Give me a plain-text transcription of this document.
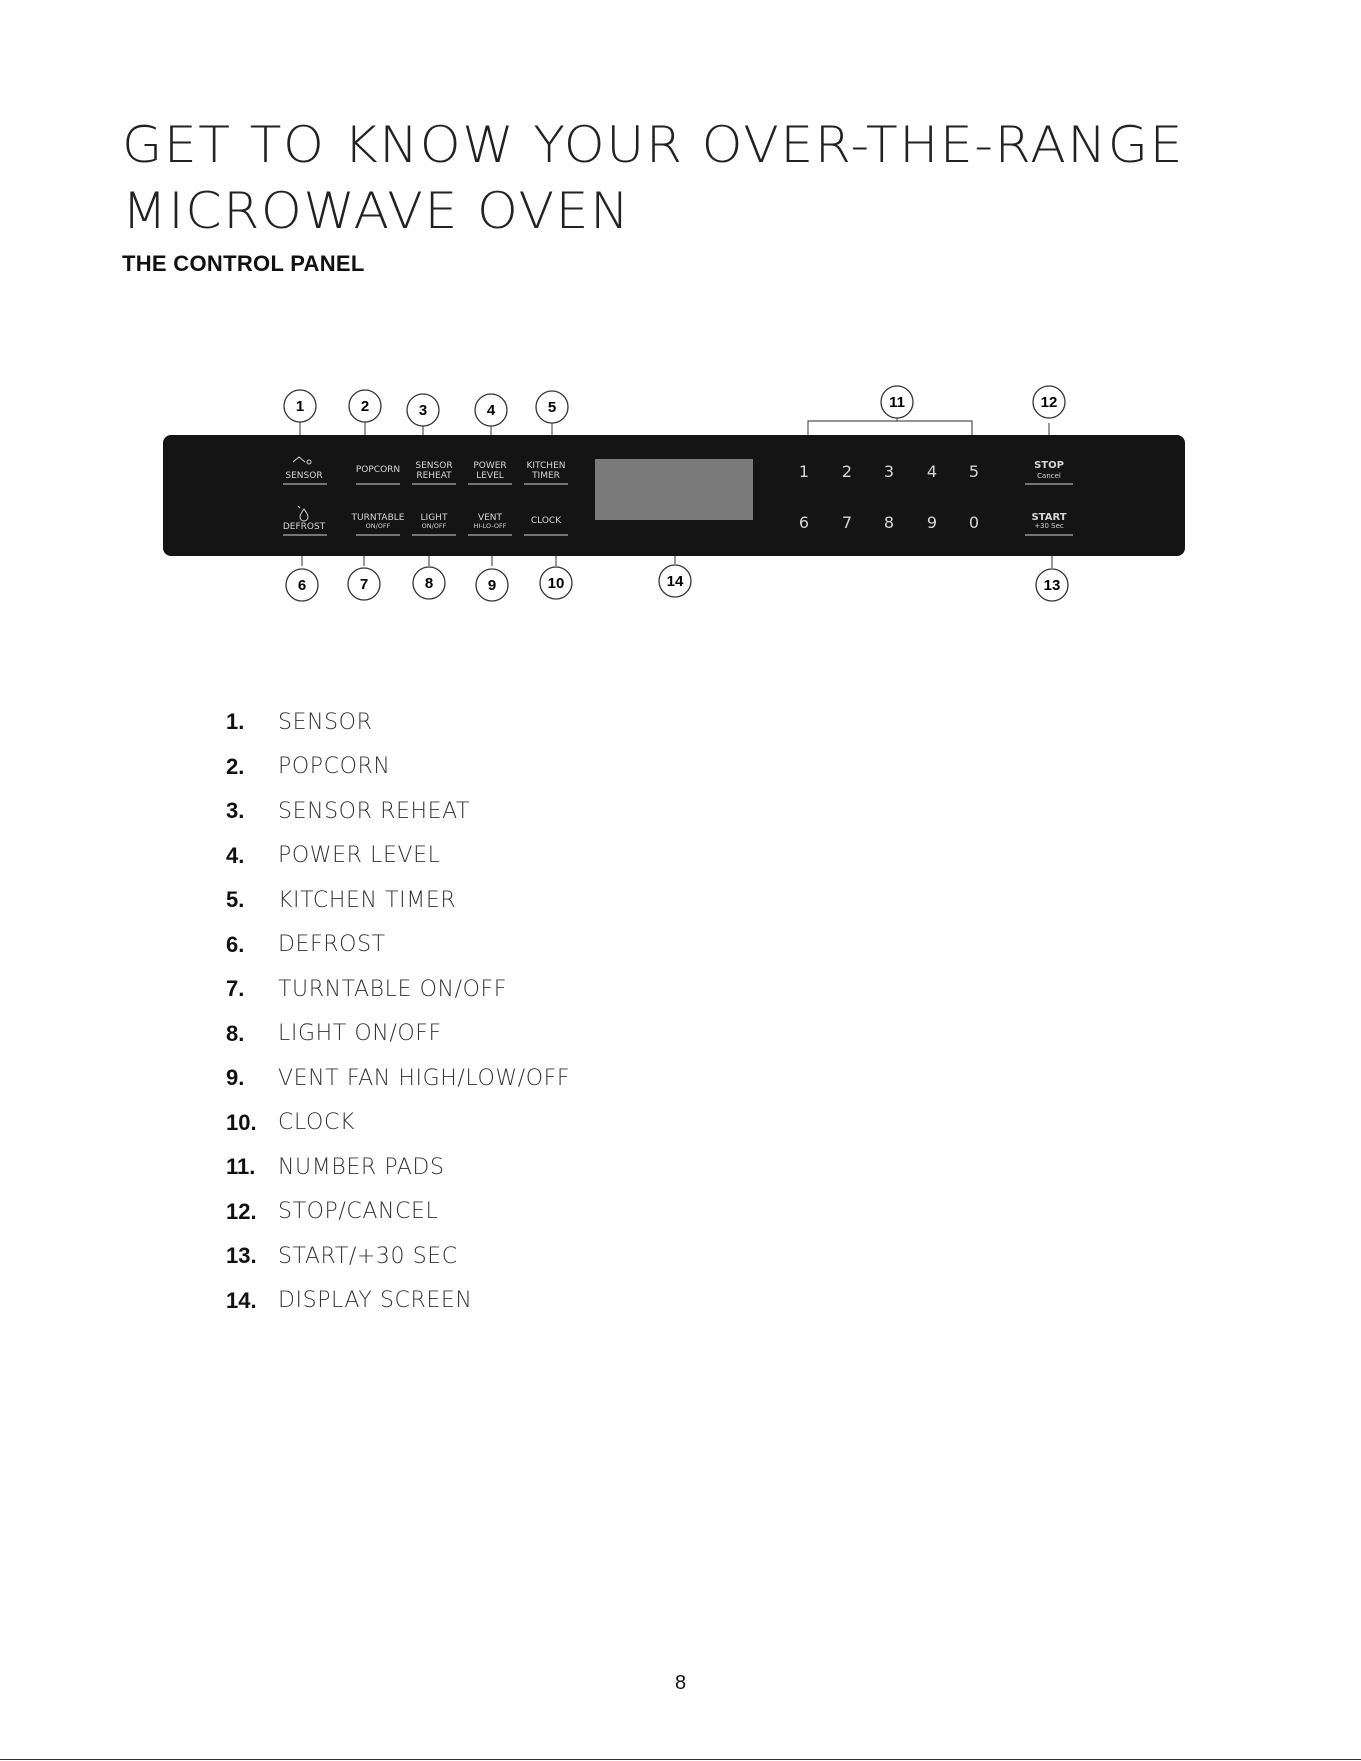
GET TO KNOW YOUR OVER-THE-RANGE
MICROWAVE OVEN
THE CONTROL PANEL
SENSOR
POPCORN SENSOR
REHEAT
POWER
LEVEL
KITCHEN
TIMER
DEFROST
TURNTABLE
ON/OFF
LIGHT
ON/OFF
VENT
HI-LO-OFF	CLOCK
1 2 3 4 5
6 7 8 9 0
STOP
Cancel
START
+30 Sec
1	2	3	4	5
6	7	8	9	10
11	12
13
14
1.	SENSOR
2.	POPCORN
3.	SENSOR REHEAT
4.	POWER LEVEL
5.	KITCHEN TIMER
6.	DEFROST
7.	TURNTABLE ON/OFF
8.	LIGHT ON/OFF
9.	VENT FAN HIGH/LOW/OFF
10. CLOCK
11.	NUMBER PADS
12. STOP/CANCEL
13. START/+30 SEC
14. DISPLAY SCREEN
8
